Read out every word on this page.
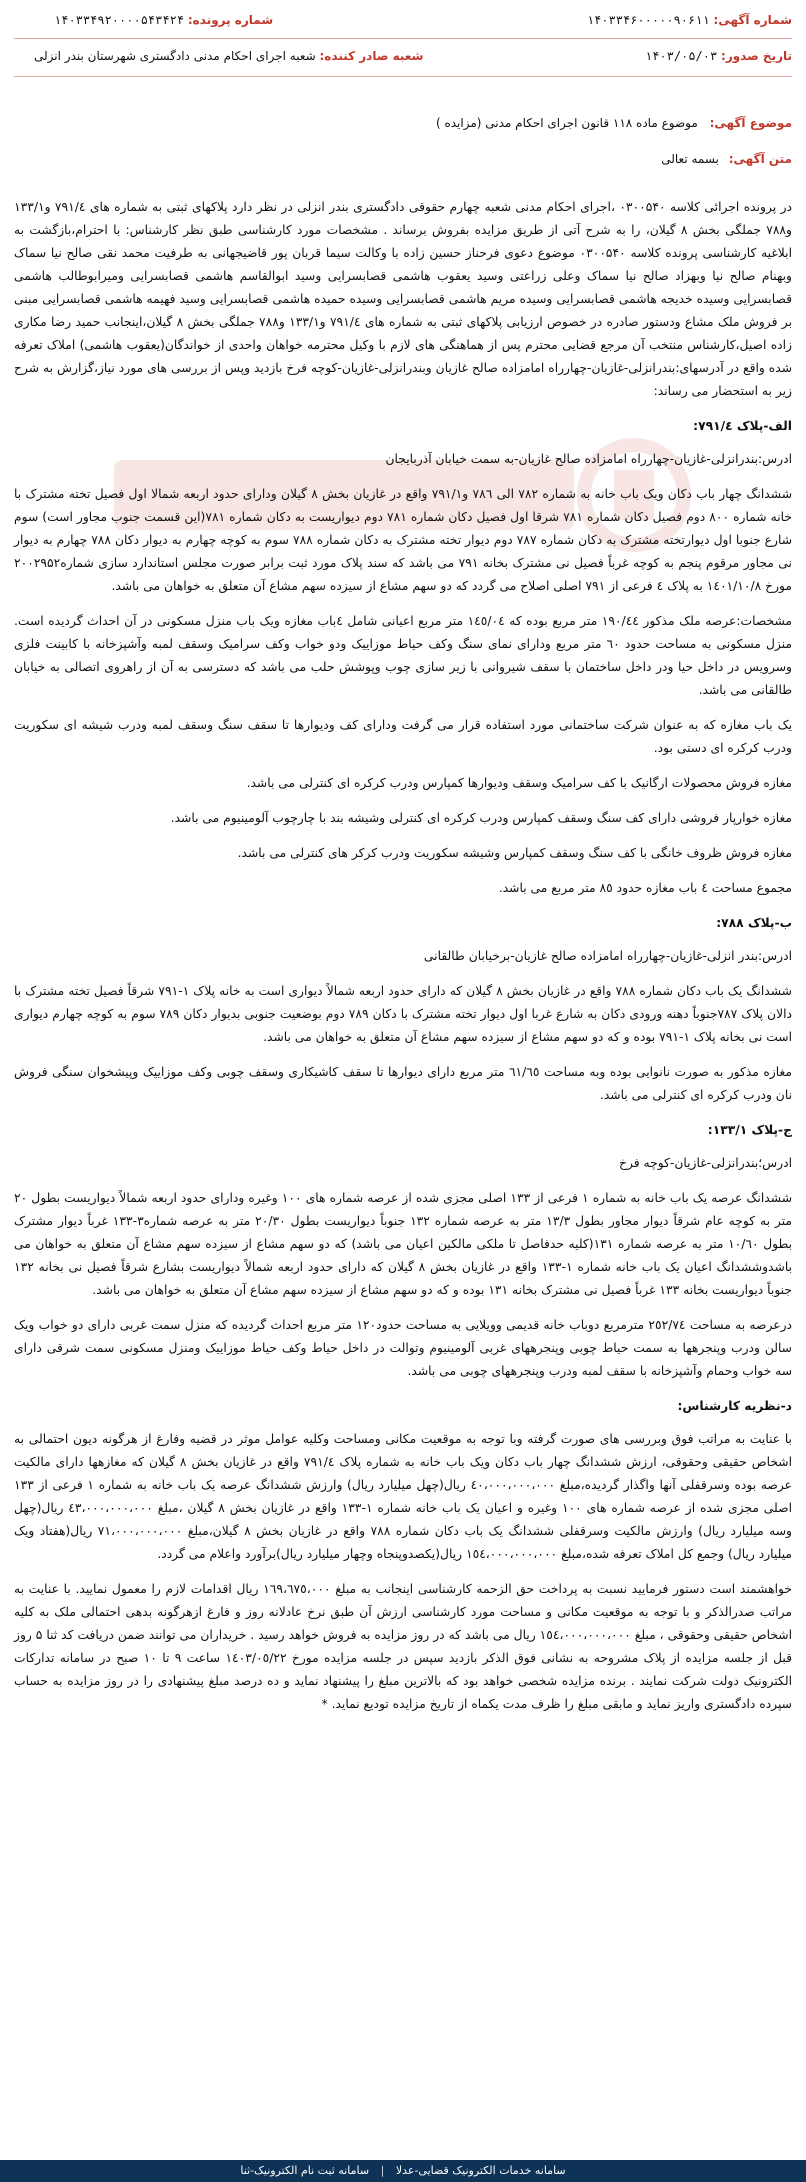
شماره آگهی: ۱۴۰۳۳۴۶۰۰۰۰۰۹۰۶۱۱
شماره پرونده: ۱۴۰۳۳۴۹۲۰۰۰۰۵۴۳۴۲۴
تاریخ صدور: ۱۴۰۳/۰۵/۰۳
شعبه صادر کننده: شعبه اجرای احکام مدنی دادگستری شهرستان بندر انزلی
موضوع آگهی: موضوع ماده ۱۱۸ قانون اجرای احکام مدنی (مزایده )
متن آگهی: بسمه تعالی

در پرونده اجرائی کلاسه ۰۳۰۰۵۴۰ ،اجرای احکام مدنی شعبه چهارم حقوقی دادگستری بندر انزلی در نظر دارد پلاکهای ثبتی به شماره های ۷۹۱/٤ و۱۳۳/۱ و۷۸۸ جملگی بخش ۸ گیلان، را به شرح آتی از طریق مزایده بفروش برساند . مشخصات مورد کارشناسی طبق نظر کارشناس: با احترام،بازگشت به ابلاغیه کارشناسی پرونده کلاسه ۰۳۰۰۵۴۰ موضوع دعوی فرحناز حسین زاده با وکالت سیما قربان پور قاضیجهانی به طرفیت محمد نقی صالح نیا سماک وبهنام صالح نیا وبهزاد صالح نیا سماک وعلی زراعتی وسید یعقوب هاشمی قصابسرایی وسید ابوالقاسم هاشمی قصابسرایی ومیرابوطالب هاشمی قصابسرایی وسیده خدیجه هاشمی قصابسرایی وسیده مریم هاشمی قصابسرایی وسیده حمیده هاشمی قصابسرایی وسید فهیمه هاشمی قصابسرایی مبنی بر فروش ملک مشاع ودستور صادره در خصوص ارزیابی پلاکهای ثبتی به شماره های ۷۹۱/٤ و۱۳۳/۱ و۷۸۸ جملگی بخش ۸ گیلان،اینجانب حمید رضا مکاری زاده اصیل،کارشناس منتخب آن مرجع قضایی محترم پس از هماهنگی های لازم با وکیل محترمه خواهان واحدی از خواندگان(یعقوب هاشمی) املاک تعرفه شده واقع در آدرسهای:بندرانزلی-غازیان-چهارراه امامزاده صالح غازیان وبندرانزلی-غازیان-کوچه فرخ بازدید وپس از بررسی های مورد نیاز،گزارش به شرح زیر به استحضار می رساند:

الف-پلاک ۷۹۱/٤:

ادرس:بندرانزلی-غازیان-چهارراه امامزاده صالح غازیان-به سمت خیابان آذربایجان

ششدانگ چهار باب دکان ویک باب خانه به شماره ۷۸۲ الی ۷۸٦ و۷۹۱/۱ واقع در غازیان بخش ۸ گیلان ودارای حدود اربعه شمالا اول فصیل تخته مشترک با خانه شماره ۸۰۰ دوم فصیل دکان شماره ۷۸۱ شرقا اول فصیل دکان شماره ۷۸۱ دوم دیواریست به دکان شماره ۷۸۱(این قسمت جنوب مجاور است) سوم شارع جنوبا اول دیوارتخته مشترک به دکان شماره ۷۸۷ دوم دیوار تخته مشترک به دکان شماره ۷۸۸ سوم به کوچه چهارم به دیوار دکان ۷۸۸ چهارم به دیوار نی مجاور مرقوم پنجم به کوچه غرباً فصیل نی مشترک بخانه ۷۹۱ می باشد که سند پلاک مورد ثبت برابر صورت مجلس استاندارد سازی شماره۲۰۰۲۹۵۲ مورخ ۱٤۰۱/۱۰/۸ به پلاک ٤ فرعی از ۷۹۱ اصلی اصلاح می گردد که دو سهم مشاع از سیزده سهم مشاع آن متعلق به خواهان می باشد.

مشخصات:عرصه ملک مذکور ۱۹۰/٤٤ متر مربع بوده که ۱٤٥/۰٤ متر مربع اعیانی شامل ٤باب مغازه ویک باب منزل مسکونی در آن احداث گردیده است. منزل مسکونی به مساحت حدود ٦۰ متر مربع ودارای نمای سنگ وکف حیاط موزاییک ودو خواب وکف سرامیک وسقف لمبه وآشپزخانه با کابینت فلزی وسرویس در داخل حیا ودر داخل ساختمان با سقف شیروانی با زیر سازی چوب وپوشش حلب می باشد که دسترسی به آن از راهروی اتصالی به خیابان طالقانی می باشد.

یک باب مغازه که به عنوان شرکت ساختمانی مورد استفاده قرار می گرفت ودارای کف ودیوارها تا سقف سنگ وسقف لمبه ودرب شیشه ای سکوریت ودرب کرکره ای دستی بود.

مغازه فروش محصولات ارگانیک با کف سرامیک وسقف ودیوارها کمپارس ودرب کرکره ای کنترلی می باشد.

مغازه خوارپار فروشی دارای کف سنگ وسقف کمپارس ودرب کرکره ای کنترلی وشیشه بند با چارچوب آلومینیوم می باشد.

مغازه فروش ظروف خانگی با کف سنگ وسقف کمپارس وشیشه سکوریت ودرب کرکر های کنترلی می باشد.

مجموع مساحت ٤ باب مغازه حدود ۸٥ متر مربع می باشد.

ب-پلاک ۷۸۸:

ادرس:بندر انزلی-غازیان-چهارراه امامزاده صالح غازیان-برخیابان طالقانی

ششدانگ یک باب دکان شماره ۷۸۸ واقع در غازیان بخش ۸ گیلان که دارای حدود اربعه شمالاً دیواری است به خانه پلاک ۱-۷۹۱ شرقاً فصیل تخته مشترک با دالان پلاک ۷۸۷جنوباً دهنه ورودی دکان به شارع غربا اول دیوار تخته مشترک با دکان ۷۸۹ دوم بوضعیت جنوبی بدیوار دکان ۷۸۹ سوم به کوچه چهارم دیواری است نی بخانه پلاک ۱-۷۹۱ بوده و که دو سهم مشاع از سیزده سهم مشاع آن متعلق به خواهان می باشد.

مغازه مذکور به صورت نانوایی بوده وبه مساحت ٦۱/٦٥ متر مربع دارای دیوارها تا سقف کاشیکاری وسقف چوبی وکف موزاییک وپیشخوان سنگی فروش نان ودرب کرکره ای کنترلی می باشد.

ج-پلاک ۱۳۳/۱:

ادرس؛بندرانزلی-غازیان-کوچه فرخ

ششدانگ عرصه یک باب خانه به شماره ۱ فرعی از ۱۳۳ اصلی مجزی شده از عرصه شماره های ۱۰۰ وغیره ودارای حدود اربعه شمالاً دیواریست بطول ۲۰ متر به کوچه عام شرقاً دیوار مجاور بطول ۱۳/۳ متر به عرصه شماره ۱۳۲ جنوباً دیواریست بطول ۲۰/۳۰ متر به عرصه شماره۳-۱۳۳ غرباً دیوار مشترک بطول ۱۰/٦۰ متر به عرصه شماره ۱۳۱(کلیه حدفاصل تا ملکی مالکین اعیان می باشد) که دو سهم مشاع از سیزده سهم مشاع آن متعلق به خواهان می باشدوششدانگ اعیان یک باب خانه شماره ۱-۱۳۳ واقع در غازیان بخش ۸ گیلان که دارای حدود اربعه شمالاً دیواریست بشارع شرقاً فصیل نی بخانه ۱۳۲ جنوباً دیواریست بخانه ۱۳۳ غرباً فصیل نی مشترک بخانه ۱۳۱ بوده و که دو سهم مشاع از سیزده سهم مشاع آن متعلق به خواهان می باشد.

درعرصه به مساحت ۲٥۲/۷٤ مترمربع دوباب خانه قدیمی وویلایی به مساحت حدود۱۲۰ متر مربع احداث گردیده که منزل سمت غربی دارای دو خواب ویک سالن ودرب وپنجرهها به سمت حیاط چوبی وپنجرههای غربی آلومینیوم وتوالت در داخل حیاط وکف حیاط موزاییک ومنزل مسکونی سمت شرقی دارای سه خواب وحمام وآشپزخانه با سقف لمبه ودرب وپنجرههای چوبی می باشد.

د-نظریه کارشناس:

با عنایت به مراتب فوق وبررسی های صورت گرفته وبا توجه به موقعیت مکانی ومساحت وکلیه عوامل موثر در قضیه وفارغ از هرگونه دیون احتمالی به اشخاص حقیقی وحقوقی، ارزش ششدانگ چهار باب دکان ویک باب خانه به شماره پلاک ۷۹۱/٤ واقع در غازیان بخش ۸ گیلان که مغازهها دارای مالکیت عرصه بوده وسرقفلی آنها واگذار گردیده،مبلغ ٤۰،۰۰۰،۰۰۰،۰۰۰ ریال(چهل میلیارد ریال) وارزش ششدانگ عرصه یک باب خانه به شماره ۱ فرعی از ۱۳۳ اصلی مجزی شده از عرصه شماره های ۱۰۰ وغیره و اعیان یک باب خانه شماره ۱-۱۳۳ واقع در غازیان بخش ۸ گیلان ،مبلغ ٤۳،۰۰۰،۰۰۰،۰۰۰ ریال(چهل وسه میلیارد ریال) وارزش مالکیت وسرقفلی ششدانگ یک باب دکان شماره ۷۸۸ واقع در غازیان بخش ۸ گیلان،مبلغ ۷۱،۰۰۰،۰۰۰،۰۰۰ ریال(هفتاد ویک میلیارد ریال) وجمع کل املاک تعرفه شده،مبلغ ۱٥٤،۰۰۰،۰۰۰،۰۰۰ ریال(یکصدوپنجاه وچهار میلیارد ریال)برآورد واعلام می گردد.

خواهشمند است دستور فرمایید نسبت به پرداخت حق الزحمه کارشناسی اینجانب به مبلغ ۱٦۹،٦۷٥،۰۰۰ ریال اقدامات لازم را معمول نمایید. با عنایت به مراتب صدرالذکر و با توجه به موقعیت مکانی و مساحت مورد کارشناسی ارزش آن طبق نرخ عادلانه روز و فارغ ازهرگونه بدهی احتمالی ملک به کلیه اشخاص حقیقی وحقوقی ، مبلغ ۱٥٤،۰۰۰،۰۰۰،۰۰۰ ریال می باشد که در روز مزایده به فروش خواهد رسید . خریداران می توانند ضمن دریافت کد ثنا ۵ روز قبل از جلسه مزایده از پلاک مشروحه به نشانی فوق الذکر بازدید سپس در جلسه مزایده مورخ ۱٤۰۳/۰٥/۲۲ ساعت ۹ تا ۱۰ صبح در سامانه تدارکات الکترونیک دولت شرکت نمایند . برنده مزایده شخصی خواهد بود که بالاترین مبلغ را پیشنهاد نماید و ده درصد مبلغ پیشنهادی را در روز مزایده به حساب سپرده دادگستری واریز نماید و مابقی مبلغ را ظرف مدت یکماه از تاریخ مزایده تودیع نماید. *

سامانه خدمات الکترونیک قضایی-عدلا | سامانه ثبت نام الکترونیک-ثنا
